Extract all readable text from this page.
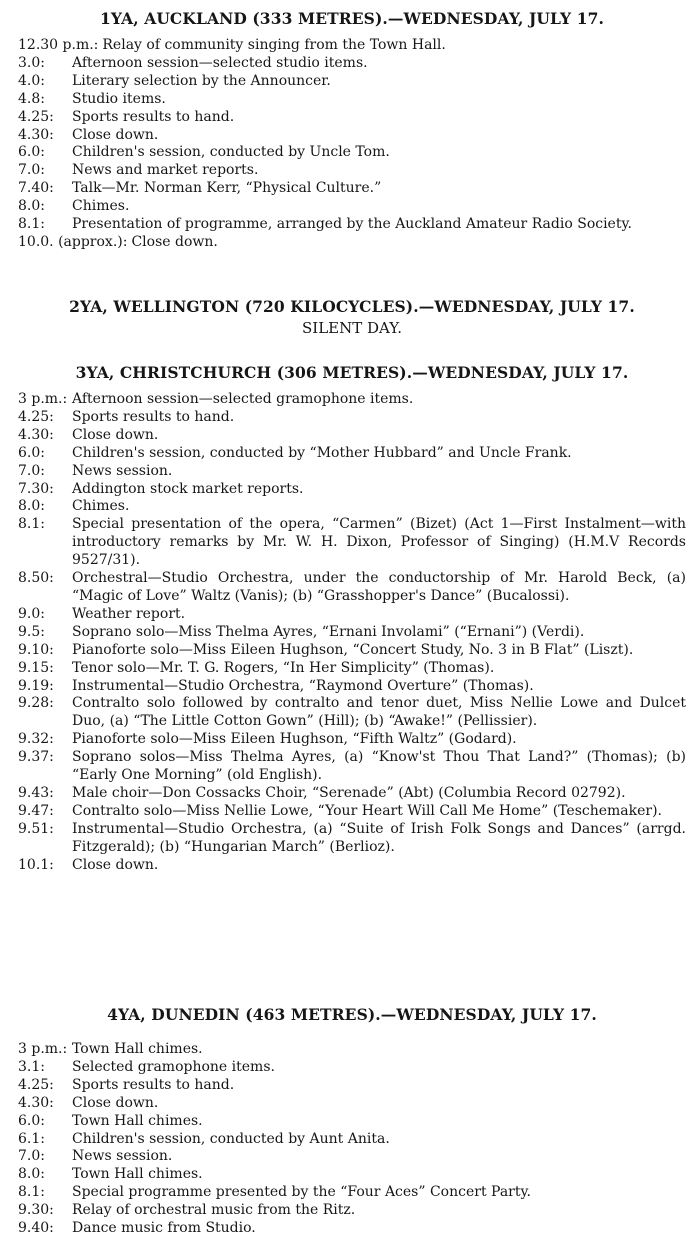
1YA, AUCKLAND (333 METRES).—WEDNESDAY, JULY 17.
12.30 p.m.: Relay of community singing from the Town Hall.
3.0:	Afternoon session—selected studio items.
4.0:	Literary selection by the Announcer.
4.8:	Studio items.
4.25:	Sports results to hand.
4.30:	Close down.
6.0:	Children's session, conducted by Uncle Tom.
7.0:	News and market reports.
7.40:	Talk—Mr. Norman Kerr, “Physical Culture.”
8.0:	Chimes.
8.1:	Presentation of programme, arranged by the Auckland Amateur Radio Society.
10.0. (approx.): Close down.
2YA, WELLINGTON (720 KILOCYCLES).—WEDNESDAY, JULY 17.

SILENT DAY.

3YA, CHRISTCHURCH (306 METRES).—WEDNESDAY, JULY 17.
3 p.m.: Afternoon session—selected gramophone items.
4.25:	Sports results to hand.
4.30:	Close down.
6.0:	Children's session, conducted by “Mother Hubbard” and Uncle Frank.
7.0:	News session.
7.30:	Addington stock market reports.
8.0:	Chimes.
8.1:	Special presentation of the opera, “Carmen” (Bizet) (Act 1—First Instalment—with introductory remarks by Mr. W. H. Dixon, Professor of Singing) (H.M.V Records 9527/31).
8.50:	Orchestral—Studio Orchestra, under the conductorship of Mr. Harold Beck, (a) “Magic of Love” Waltz (Vanis); (b) “Grasshopper's Dance” (Bucalossi).
9.0:	Weather report.
9.5:	Soprano solo—Miss Thelma Ayres, “Ernani Involami” (“Ernani”) (Verdi).
9.10:	Pianoforte solo—Miss Eileen Hughson, “Concert Study, No. 3 in B Flat” (Liszt).
9.15:	Tenor solo—Mr. T. G. Rogers, “In Her Simplicity” (Thomas).
9.19:	Instrumental—Studio Orchestra, “Raymond Overture” (Thomas).
9.28:	Contralto solo followed by contralto and tenor duet, Miss Nellie Lowe and Dulcet Duo, (a) “The Little Cotton Gown” (Hill); (b) “Awake!” (Pellissier).
9.32:	Pianoforte solo—Miss Eileen Hughson, “Fifth Waltz” (Godard).
9.37:	Soprano solos—Miss Thelma Ayres, (a) “Know'st Thou That Land?” (Thomas); (b) “Early One Morning” (old English).
9.43:	Male choir—Don Cossacks Choir, “Serenade” (Abt) (Columbia Record 02792).
9.47:	Contralto solo—Miss Nellie Lowe, “Your Heart Will Call Me Home” (Teschemaker).
9.51:	Instrumental—Studio Orchestra, (a) “Suite of Irish Folk Songs and Dances” (arrgd. Fitzgerald); (b) “Hungarian March” (Berlioz).
10.1:	Close down.
4YA, DUNEDIN (463 METRES).—WEDNESDAY, JULY 17.
3 p.m.: Town Hall chimes.
3.1:	Selected gramophone items.
4.25:	Sports results to hand.
4.30:	Close down.
6.0:	Town Hall chimes.
6.1:	Children's session, conducted by Aunt Anita.
7.0:	News session.
8.0:	Town Hall chimes.
8.1:	Special programme presented by the “Four Aces” Concert Party.
9.30:	Relay of orchestral music from the Ritz.
9.40:	Dance music from Studio.
